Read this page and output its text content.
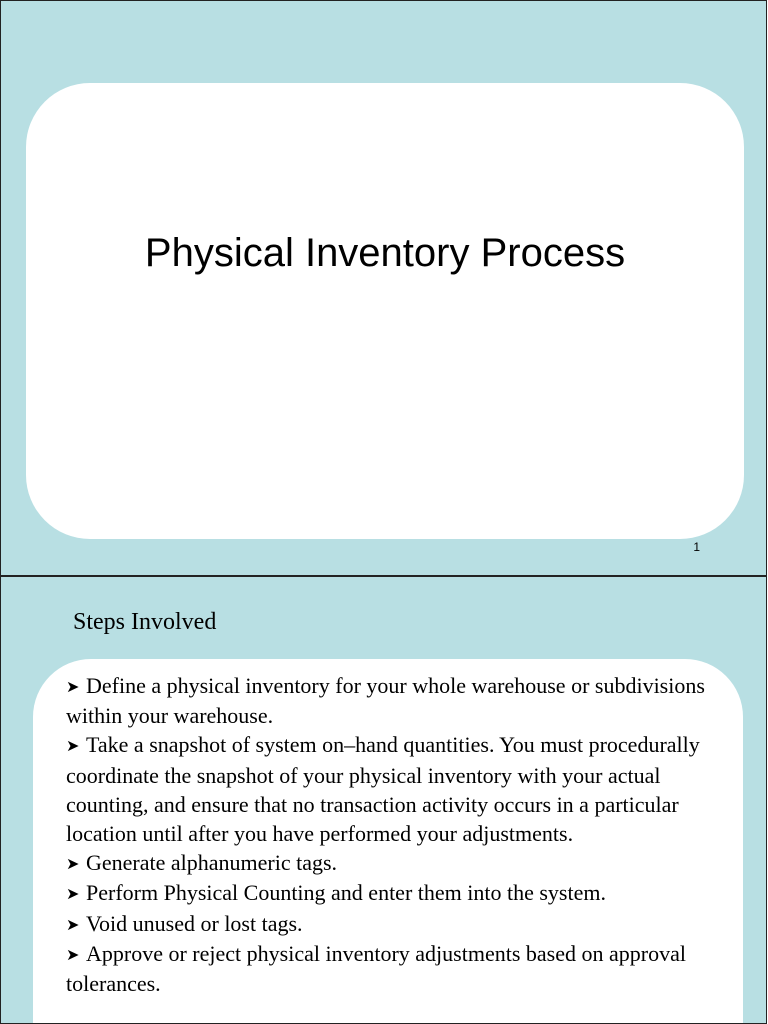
Physical Inventory Process
1
Steps Involved
➤ Define a physical inventory for your whole warehouse or subdivisions within your warehouse.
➤ Take a snapshot of system on–hand quantities. You must procedurally coordinate the snapshot of your physical inventory with your actual counting, and ensure that no transaction activity occurs in a particular location until after you have performed your adjustments.
➤ Generate alphanumeric tags.
➤ Perform Physical Counting and enter them into the system.
➤ Void unused or lost tags.
➤ Approve or reject physical inventory adjustments based on approval tolerances.
